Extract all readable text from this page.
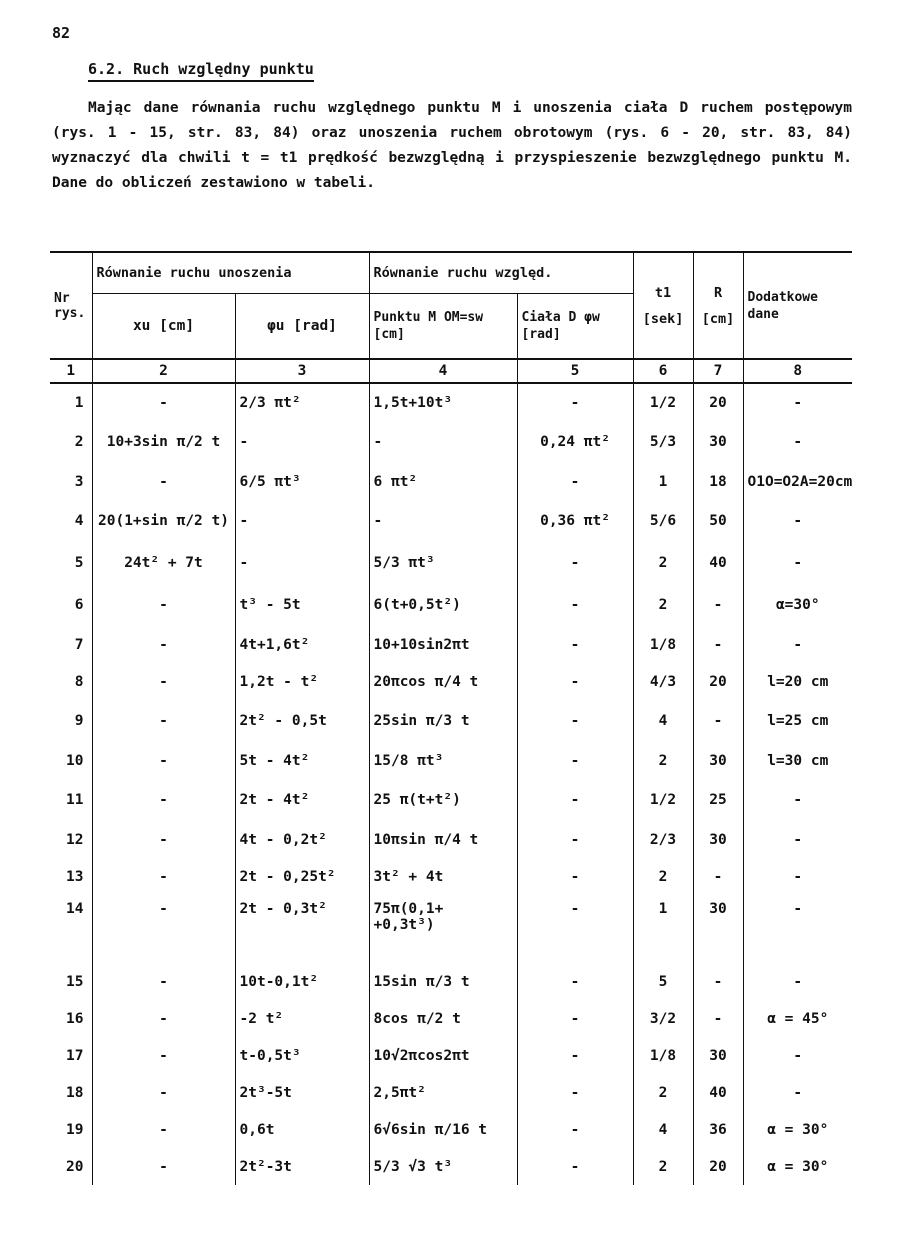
82
6.2. Ruch względny punktu

Mając dane równania ruchu względnego punktu M i unoszenia ciała D ruchem postępowym (rys. 1 - 15, str. 83, 84) oraz unoszenia ruchem obrotowym (rys. 6 - 20, str. 83, 84) wyznaczyć dla chwili t = t1 prędkość bezwzględną i przyspieszenie bezwzględnego punktu M. Dane do obliczeń zestawiono w tabeli.

Nr rys.	Równanie ruchu unoszenia		Równanie ruchu względ.		t1 [sek]	R [cm]	Dodatkowe dane
	xu [cm]	φu [rad]	Punktu M OM=sw [cm]	Ciała D φw [rad]			
1	2	3	4	5	6	7	8
1	-	2/3 πt²	1,5t+10t³	-	1/2	20	-
2	10+3sin π/2 t	-	-	0,24 πt²	5/3	30	-
3	-	6/5 πt³	6 πt²	-	1	18	O1O=O2A=20cm
4	20(1+sin π/2 t)	-	-	0,36 πt²	5/6	50	-
5	24t² + 7t	-	5/3 πt³	-	2	40	-
6	-	t³ - 5t	6(t+0,5t²)	-	2	-	α=30°
7	-	4t+1,6t²	10+10sin2πt	-	1/8	-	-
8	-	1,2t - t²	20πcos π/4 t	-	4/3	20	l=20 cm
9	-	2t² - 0,5t	25sin π/3 t	-	4	-	l=25 cm
10	-	5t - 4t²	15/8 πt³	-	2	30	l=30 cm
11	-	2t - 4t²	25 π(t+t²)	-	1/2	25	-
12	-	4t - 0,2t²	10πsin π/4 t	-	2/3	30	-
13	-	2t - 0,25t²	3t² + 4t	-	2	-	-
14	-	2t - 0,3t²	75π(0,1+
+0,3t³)	-	1	30	-
15	-	10t-0,1t²	15sin π/3 t	-	5	-	-
16	-	-2 t²	8cos π/2 t	-	3/2	-	α = 45°
17	-	t-0,5t³	10√2πcos2πt	-	1/8	30	-
18	-	2t³-5t	2,5πt²	-	2	40	-
19	-	0,6t	6√6sin π/16 t	-	4	36	α = 30°
20	-	2t²-3t	5/3 √3 t³	-	2	20	α = 30°
